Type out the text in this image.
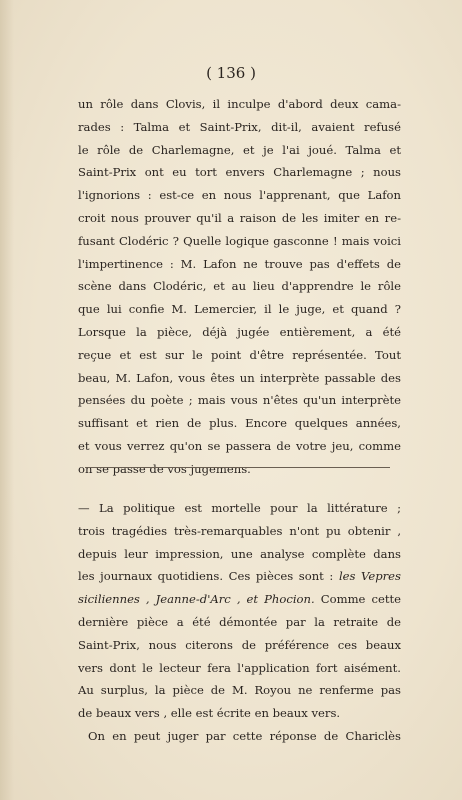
( 136 )
un rôle dans Clovis, il inculpe d'abord deux cama-
rades : Talma et Saint-Prix, dit-il, avaient refusé
le rôle de Charlemagne, et je l'ai joué. Talma et
Saint-Prix ont eu tort envers Charlemagne ; nous
l'ignorions : est-ce en nous l'apprenant, que Lafon
croit nous prouver qu'il a raison de les imiter en re-
fusant Clodéric ? Quelle logique gasconne ! mais voici
l'impertinence : M. Lafon ne trouve pas d'effets de
scène dans Clodéric, et au lieu d'apprendre le rôle
que lui confie M. Lemercier, il le juge, et quand ?
Lorsque la pièce, déjà jugée entièrement, a été
reçue et est sur le point d'être représentée. Tout
beau, M. Lafon, vous êtes un interprète passable des
pensées du poète ; mais vous n'êtes qu'un interprète
suffisant et rien de plus. Encore quelques années,
et vous verrez qu'on se passera de votre jeu, comme
on se passe de vos jugemens.
— La politique est mortelle pour la littérature ;
trois tragédies très-remarquables n'ont pu obtenir ,
depuis leur impression, une analyse complète dans
les journaux quotidiens. Ces pièces sont : les Vepres
siciliennes , Jeanne-d'Arc , et Phocion. Comme cette
dernière pièce a été démontée par la retraite de
Saint-Prix, nous citerons de préférence ces beaux
vers dont le lecteur fera l'application fort aisément.
Au surplus, la pièce de M. Royou ne renferme pas
de beaux vers , elle est écrite en beaux vers.
On en peut juger par cette réponse de Chariclès
